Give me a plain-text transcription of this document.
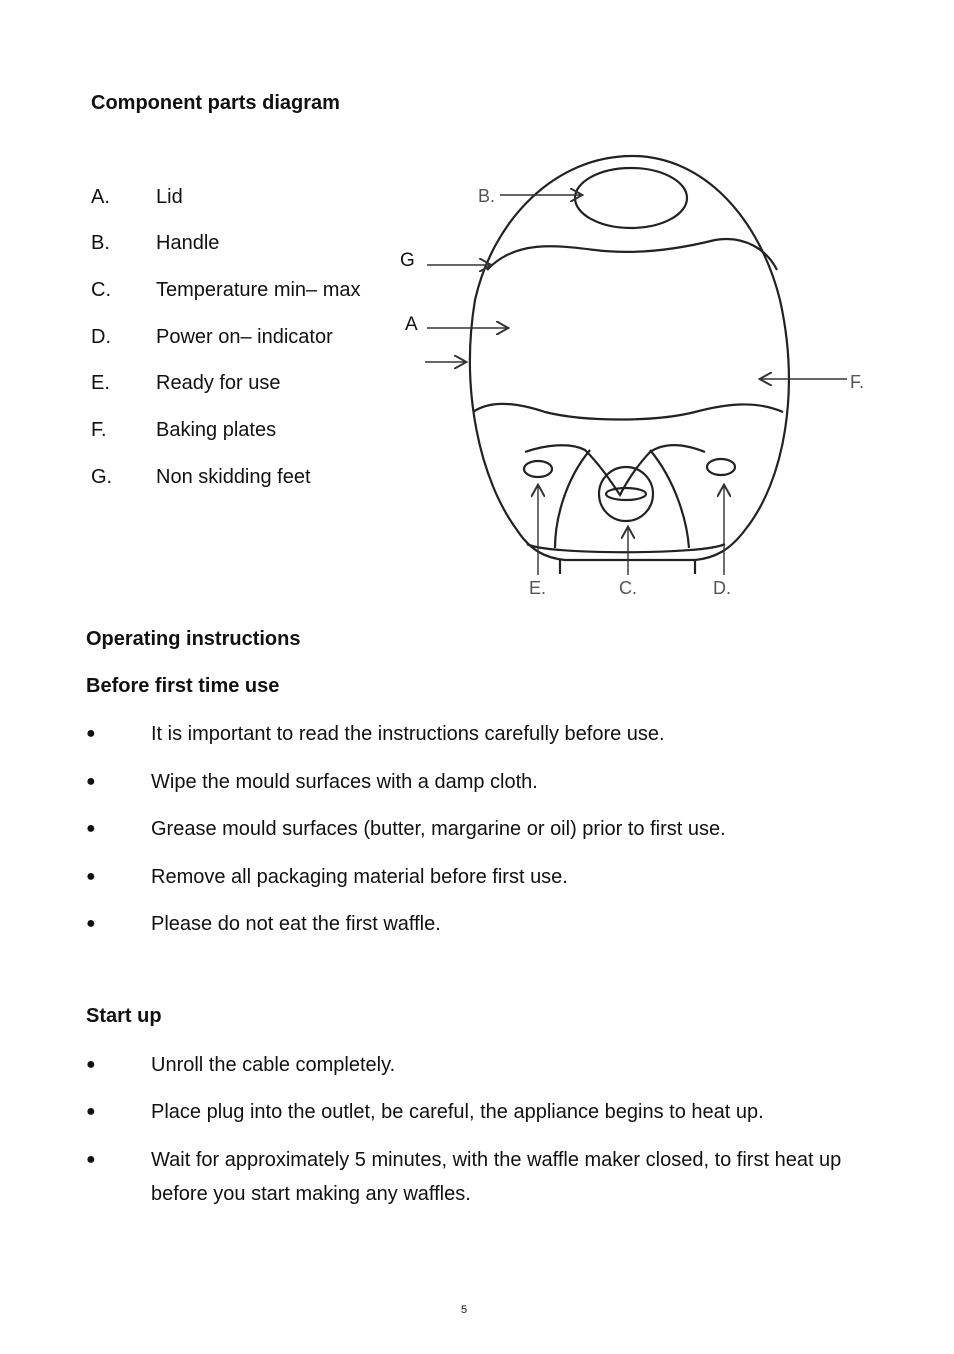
Component parts diagram
A. Lid
B. Handle
C. Temperature min– max
D. Power on– indicator
E. Ready for use
F. Baking plates
G. Non skidding feet
B.
F.
E.	C.	D.
G
A
Operating instructions
Before first time use
●	It is important to read the instructions carefully before use.
●	Wipe the mould surfaces with a damp cloth.
●	Grease mould surfaces (butter, margarine or oil) prior to first use.
●	Remove all packaging material before first use.
●	Please do not eat the first waffle.
Start up
●	Unroll the cable completely.
●	Place plug into the outlet, be careful, the appliance begins to heat up.
●	Wait for approximately 5 minutes, with the waffle maker closed, to first heat up before you start making any waffles.
5
